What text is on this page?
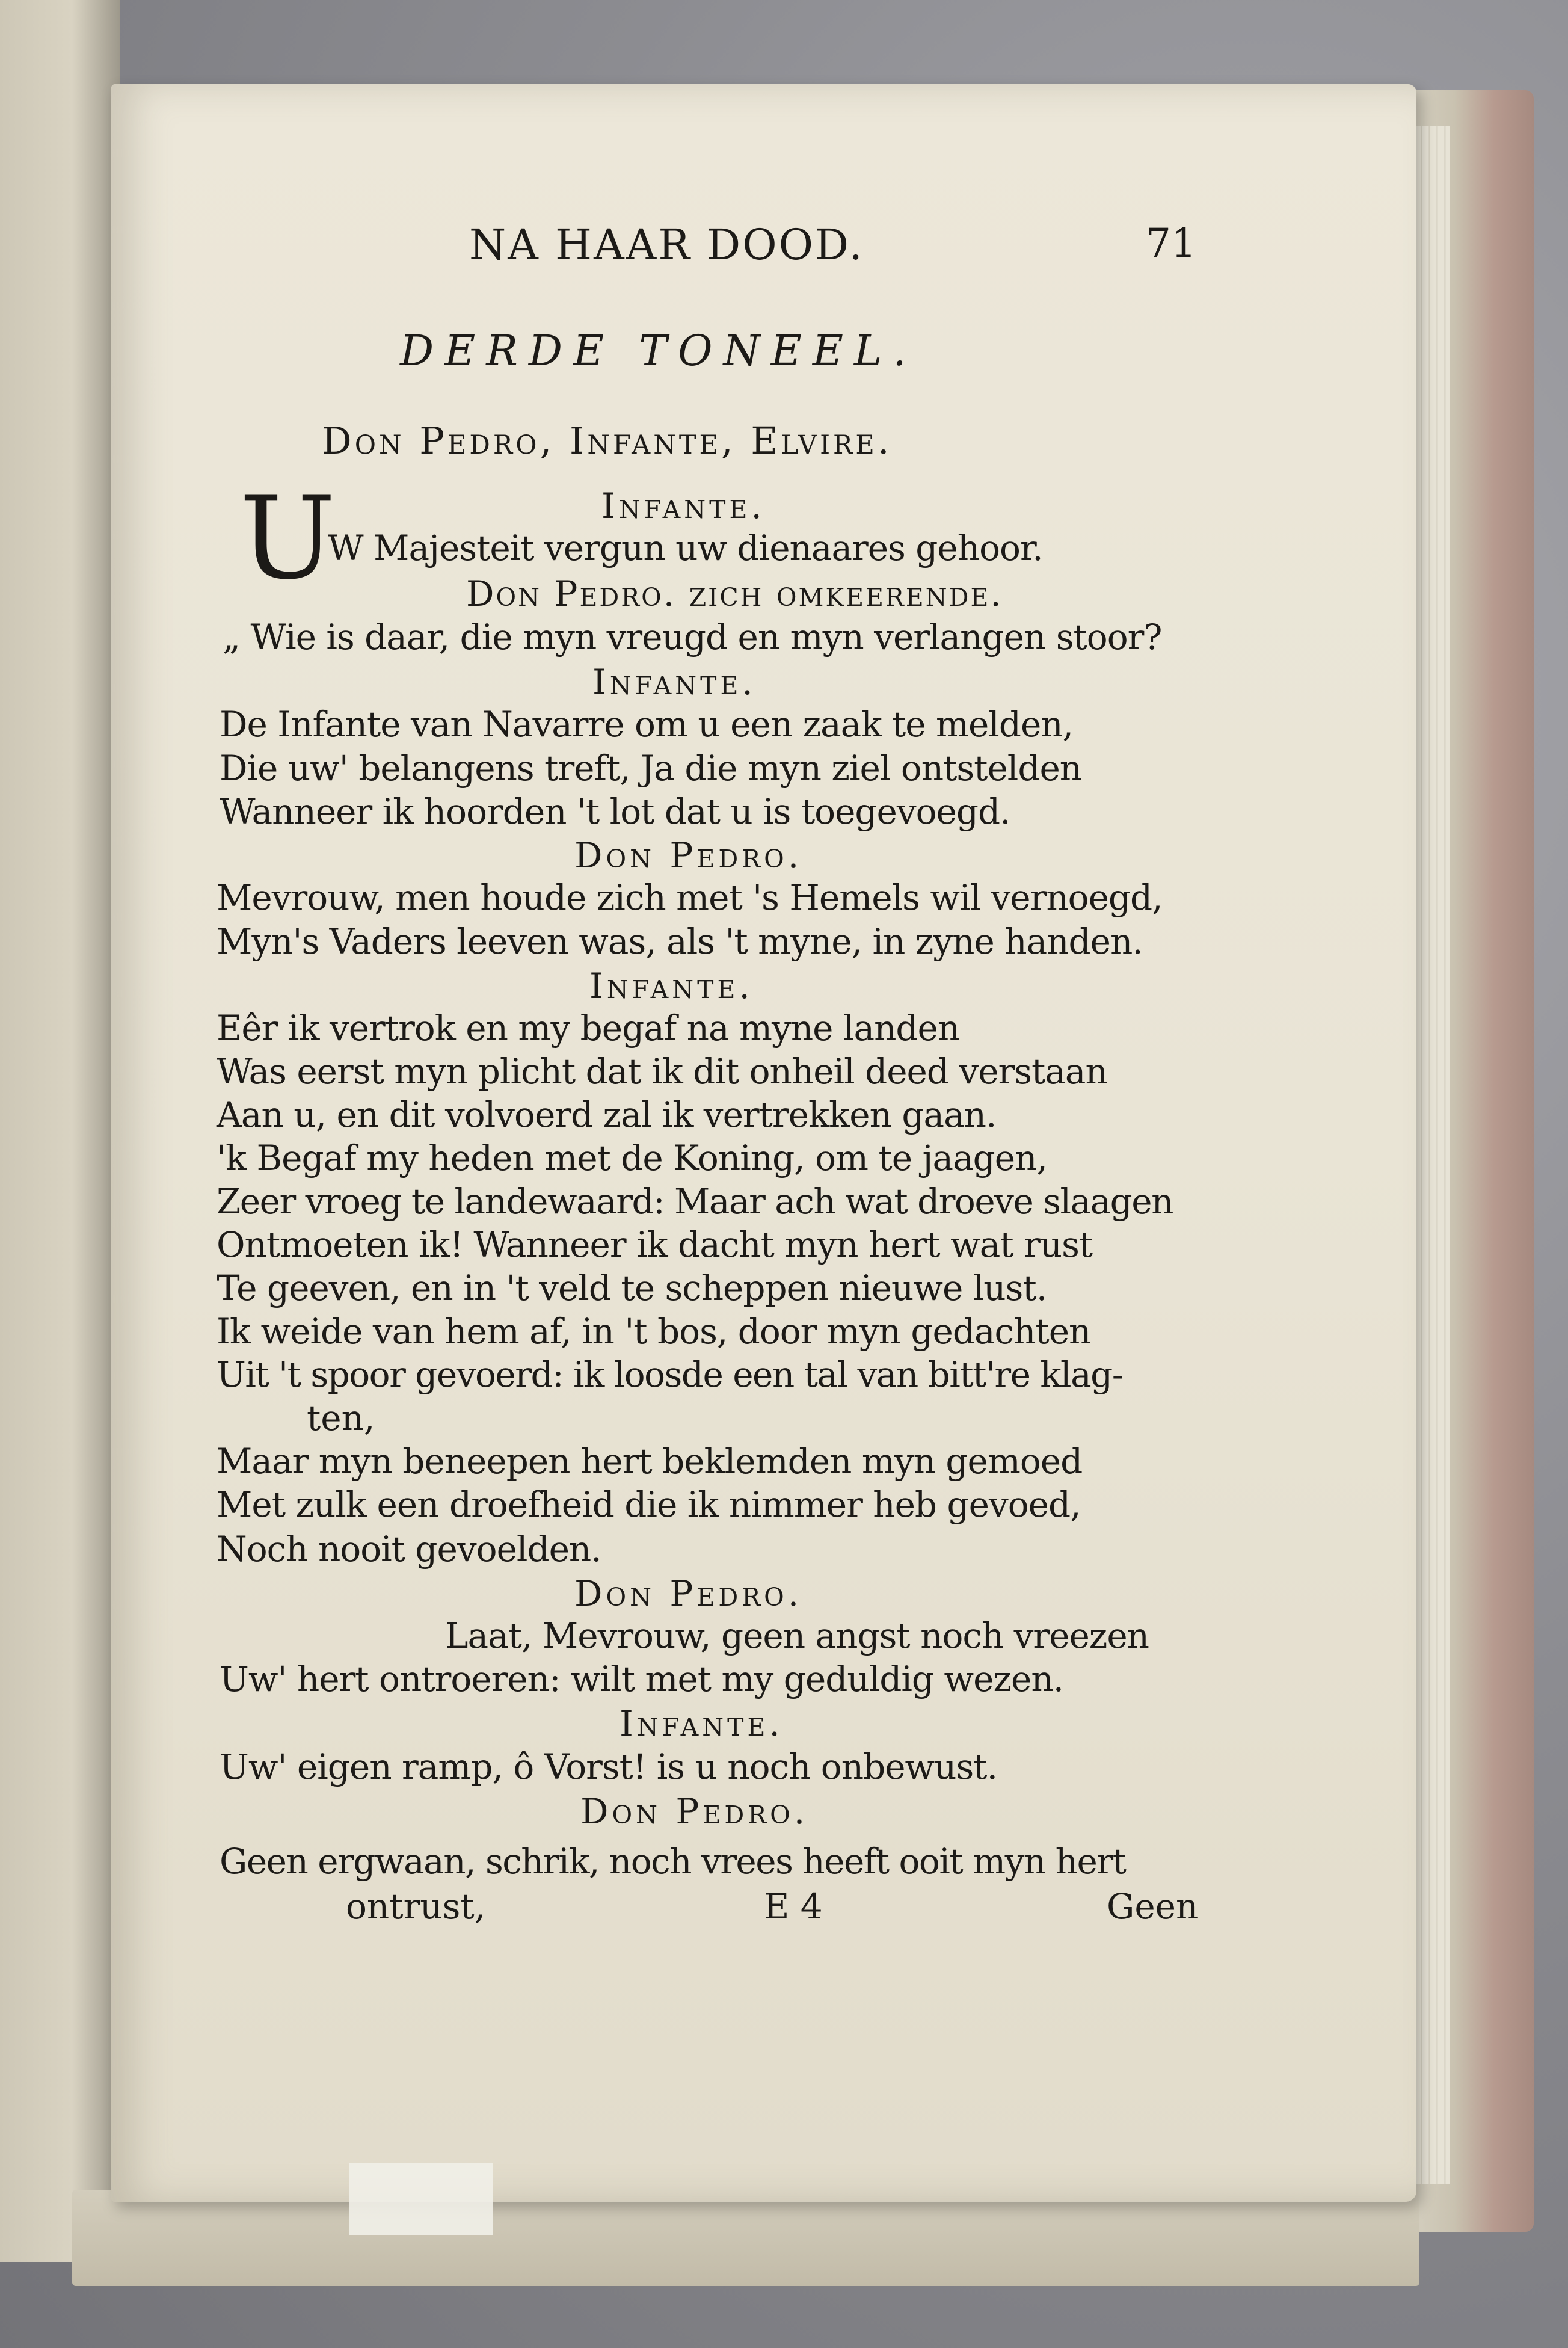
NA HAAR DOOD.	71
DERDE TONEEL.
Don Pedro, Infante, Elvire.
U	Infante.
W Majesteit vergun uw dienaares gehoor.
Don Pedro. zich omkeerende.
„ Wie is daar, die myn vreugd en myn verlangen stoor?
Infante.
De Infante van Navarre om u een zaak te melden,
Die uw' belangens treft, Ja die myn ziel ontstelden
Wanneer ik hoorden 't lot dat u is toegevoegd.
Don Pedro.
Mevrouw, men houde zich met 's Hemels wil vernoegd,
Myn's Vaders leeven was, als 't myne, in zyne handen.
Infante.
Eêr ik vertrok en my begaf na myne landen
Was eerst myn plicht dat ik dit onheil deed verstaan
Aan u, en dit volvoerd zal ik vertrekken gaan.
'k Begaf my heden met de Koning, om te jaagen,
Zeer vroeg te landewaard: Maar ach wat droeve slaagen
Ontmoeten ik! Wanneer ik dacht myn hert wat rust
Te geeven, en in 't veld te scheppen nieuwe lust.
Ik weide van hem af, in 't bos, door myn gedachten
Uit 't spoor gevoerd: ik loosde een tal van bitt're klag-
ten,
Maar myn beneepen hert beklemden myn gemoed
Met zulk een droefheid die ik nimmer heb gevoed,
Noch nooit gevoelden.
Don Pedro.
Laat, Mevrouw, geen angst noch vreezen
Uw' hert ontroeren: wilt met my geduldig wezen.
Infante.
Uw' eigen ramp, ô Vorst! is u noch onbewust.
Don Pedro.
Geen ergwaan, schrik, noch vrees heeft ooit myn hert
ontrust,	E 4	Geen
